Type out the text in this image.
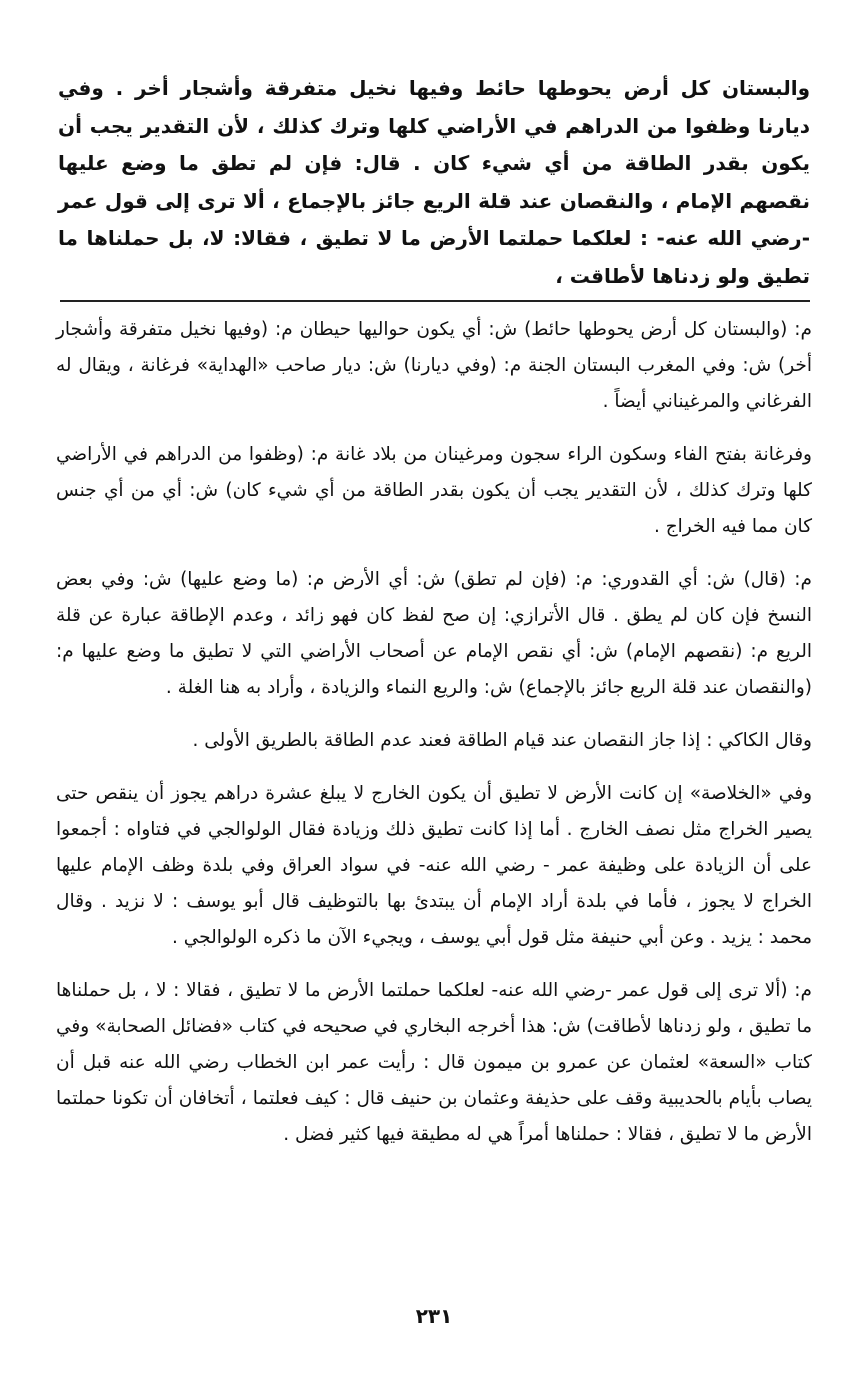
والبستان كل أرض يحوطها حائط وفيها نخيل متفرقة وأشجار أخر . وفي ديارنا وظفوا من الدراهم في الأراضي كلها وترك كذلك ، لأن التقدير يجب أن يكون بقدر الطاقة من أي شيء كان . قال: فإن لم تطق ما وضع عليها نقصهم الإمام ، والنقصان عند قلة الريع جائز بالإجماع ، ألا ترى إلى قول عمر -رضي الله عنه- : لعلكما حملتما الأرض ما لا تطيق ، فقالا: لا، بل حملناها ما تطيق ولو زدناها لأطاقت ،

م: (والبستان كل أرض يحوطها حائط) ش: أي يكون حواليها حيطان م: (وفيها نخيل متفرقة وأشجار أخر) ش: وفي المغرب البستان الجنة م: (وفي ديارنا) ش: ديار صاحب «الهداية» فرغانة ، ويقال له الفرغاني والمرغيناني أيضاً .

وفرغانة بفتح الفاء وسكون الراء سجون ومرغينان من بلاد غانة م: (وظفوا من الدراهم في الأراضي كلها وترك كذلك ، لأن التقدير يجب أن يكون بقدر الطاقة من أي شيء كان) ش: أي من أي جنس كان مما فيه الخراج .

م: (قال) ش: أي القدوري: م: (فإن لم تطق) ش: أي الأرض م: (ما وضع عليها) ش: وفي بعض النسخ فإن كان لم يطق . قال الأترازي: إن صح لفظ كان فهو زائد ، وعدم الإطاقة عبارة عن قلة الريع م: (نقصهم الإمام) ش: أي نقص الإمام عن أصحاب الأراضي التي لا تطيق ما وضع عليها م: (والنقصان عند قلة الريع جائز بالإجماع) ش: والريع النماء والزيادة ، وأراد به هنا الغلة .

وقال الكاكي : إذا جاز النقصان عند قيام الطاقة فعند عدم الطاقة بالطريق الأولى .

وفي «الخلاصة» إن كانت الأرض لا تطيق أن يكون الخارج لا يبلغ عشرة دراهم يجوز أن ينقص حتى يصير الخراج مثل نصف الخارج . أما إذا كانت تطيق ذلك وزيادة فقال الولوالجي في فتاواه : أجمعوا على أن الزيادة على وظيفة عمر - رضي الله عنه- في سواد العراق وفي بلدة وظف الإمام عليها الخراج لا يجوز ، فأما في بلدة أراد الإمام أن يبتدئ بها بالتوظيف قال أبو يوسف : لا نزيد . وقال محمد : يزيد . وعن أبي حنيفة مثل قول أبي يوسف ، ويجيء الآن ما ذكره الولوالجي .

م: (ألا ترى إلى قول عمر -رضي الله عنه- لعلكما حملتما الأرض ما لا تطيق ، فقالا : لا ، بل حملناها ما تطيق ، ولو زدناها لأطاقت) ش: هذا أخرجه البخاري في صحيحه في كتاب «فضائل الصحابة» وفي كتاب «السعة» لعثمان عن عمرو بن ميمون قال : رأيت عمر ابن الخطاب رضي الله عنه قبل أن يصاب بأيام بالحديبية وقف على حذيفة وعثمان بن حنيف قال : كيف فعلتما ، أتخافان أن تكونا حملتما الأرض ما لا تطيق ، فقالا : حملناها أمراً هي له مطيقة فيها كثير فضل .

٢٣١
